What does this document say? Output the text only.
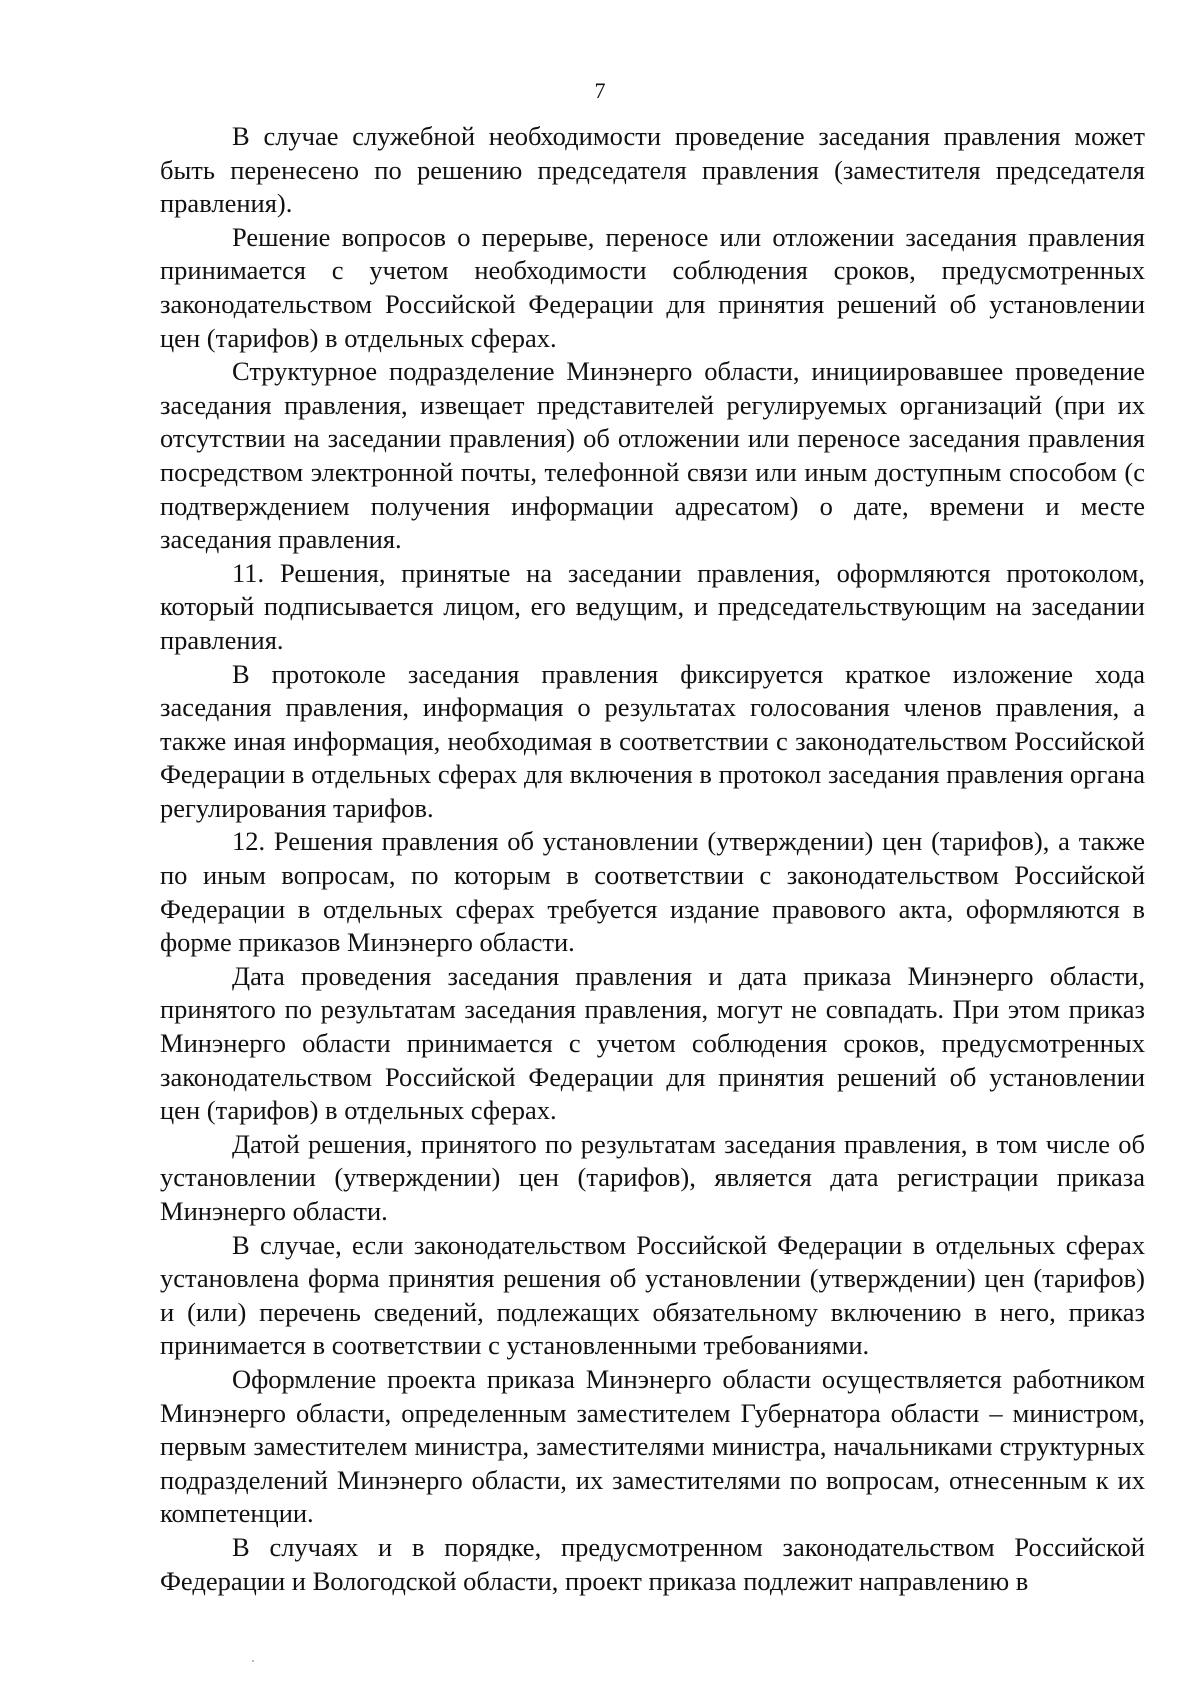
7

В случае служебной необходимости проведение заседания правления может быть перенесено по решению председателя правления (заместителя председателя правления).

Решение вопросов о перерыве, переносе или отложении заседания правления принимается с учетом необходимости соблюдения сроков, предусмотренных законодательством Российской Федерации для принятия решений об установлении цен (тарифов) в отдельных сферах.

Структурное подразделение Минэнерго области, инициировавшее проведение заседания правления, извещает представителей регулируемых организаций (при их отсутствии на заседании правления) об отложении или переносе заседания правления посредством электронной почты, телефонной связи или иным доступным способом (с подтверждением получения информации адресатом) о дате, времени и месте заседания правления.

11. Решения, принятые на заседании правления, оформляются протоколом, который подписывается лицом, его ведущим, и председательствующим на заседании правления.

В протоколе заседания правления фиксируется краткое изложение хода заседания правления, информация о результатах голосования членов правления, а также иная информация, необходимая в соответствии с законодательством Российской Федерации в отдельных сферах для включения в протокол заседания правления органа регулирования тарифов.

12. Решения правления об установлении (утверждении) цен (тарифов), а также по иным вопросам, по которым в соответствии с законодательством Российской Федерации в отдельных сферах требуется издание правового акта, оформляются в форме приказов Минэнерго области.

Дата проведения заседания правления и дата приказа Минэнерго области, принятого по результатам заседания правления, могут не совпадать. При этом приказ Минэнерго области принимается с учетом соблюдения сроков, предусмотренных законодательством Российской Федерации для принятия решений об установлении цен (тарифов) в отдельных сферах.

Датой решения, принятого по результатам заседания правления, в том числе об установлении (утверждении) цен (тарифов), является дата регистрации приказа Минэнерго области.

В случае, если законодательством Российской Федерации в отдельных сферах установлена форма принятия решения об установлении (утверждении) цен (тарифов) и (или) перечень сведений, подлежащих обязательному включению в него, приказ принимается в соответствии с установленными требованиями.

Оформление проекта приказа Минэнерго области осуществляется работником Минэнерго области, определенным заместителем Губернатора области – министром, первым заместителем министра, заместителями министра, начальниками структурных подразделений Минэнерго области, их заместителями по вопросам, отнесенным к их компетенции.

В случаях и в порядке, предусмотренном законодательством Российской Федерации и Вологодской области, проект приказа подлежит направлению в
